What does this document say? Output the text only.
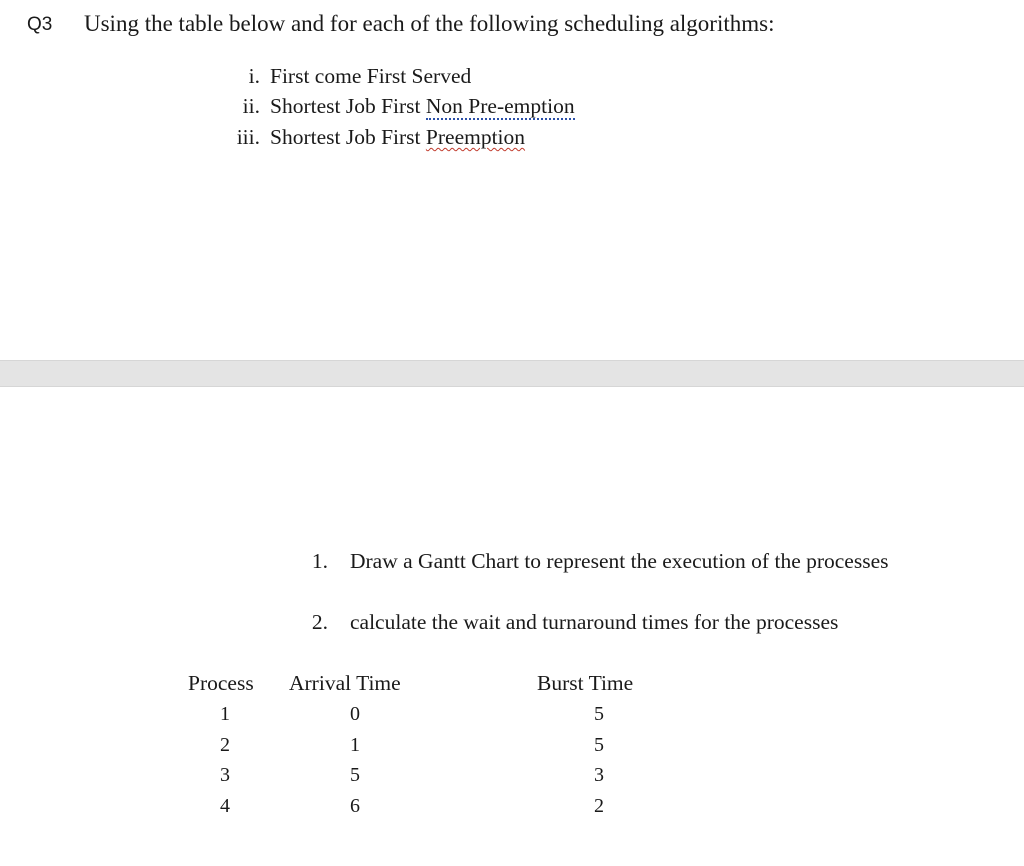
Q3 Using the table below and for each of the following scheduling algorithms:
i. First come First Served
ii. Shortest Job First Non Pre-emption
iii. Shortest Job First Preemption
1. Draw a Gantt Chart to represent the execution of the processes
2. calculate the wait and turnaround times for the processes
Process Arrival Time	Burst Time
1	0	5
2	1	5
3	5	3
4	6	2
